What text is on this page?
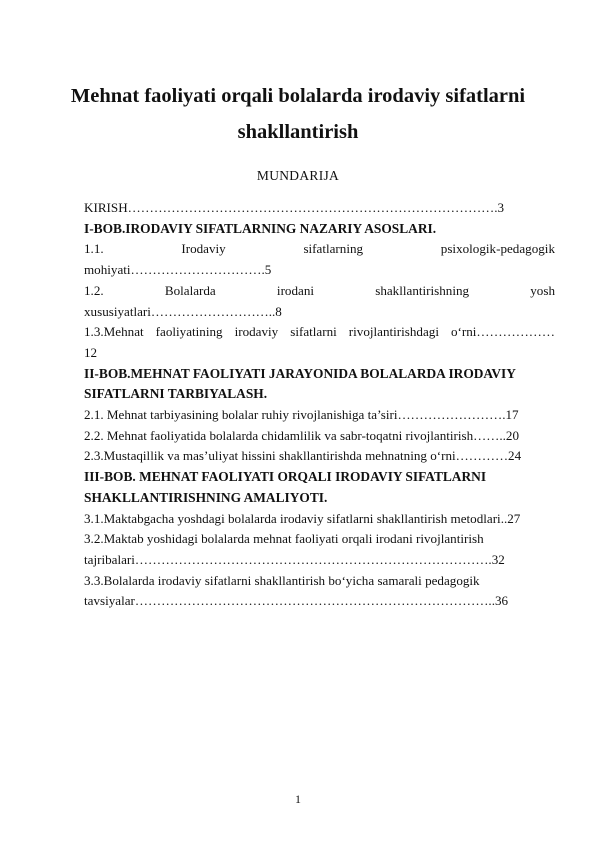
Mehnat faoliyati orqali bolalarda irodaviy sifatlarni shakllantirish
MUNDARIJA
KIRISH………………………………………………………………………….3
I-BOB.IRODAVIY SIFATLARNING NAZARIY ASOSLARI.
1.1. Irodaviy sifatlarning psixologik-pedagogik
mohiyati………………………….5
1.2. Bolalarda irodani shakllantirishning yosh
xususiyatlari………………………..8
1.3.Mehnat faoliyatining irodaviy sifatlarni rivojlantirishdagi o‘rni………………
12
II-BOB.MEHNAT FAOLIYATI JARAYONIDA BOLALARDA IRODAVIY
SIFATLARNI TARBIYALASH.
2.1. Mehnat tarbiyasining bolalar ruhiy rivojlanishiga ta’siri…………………….17
2.2. Mehnat faoliyatida bolalarda chidamlilik va sabr-toqatni rivojlantirish……..20
2.3.Mustaqillik va mas’uliyat hissini shakllantirishda mehnatning o‘rni…………24
III-BOB. MEHNAT FAOLIYATI ORQALI IRODAVIY SIFATLARNI
SHAKLLANTIRISHNING AMALIYOTI.
3.1.Maktabgacha yoshdagi bolalarda irodaviy sifatlarni shakllantirish metodlari..27
3.2.Maktab yoshidagi bolalarda mehnat faoliyati orqali irodani rivojlantirish
tajribalari……………………………………………………………………….32
3.3.Bolalarda irodaviy sifatlarni shakllantirish bo‘yicha samarali pedagogik
tavsiyalar………………………………………………………………………..36
1
